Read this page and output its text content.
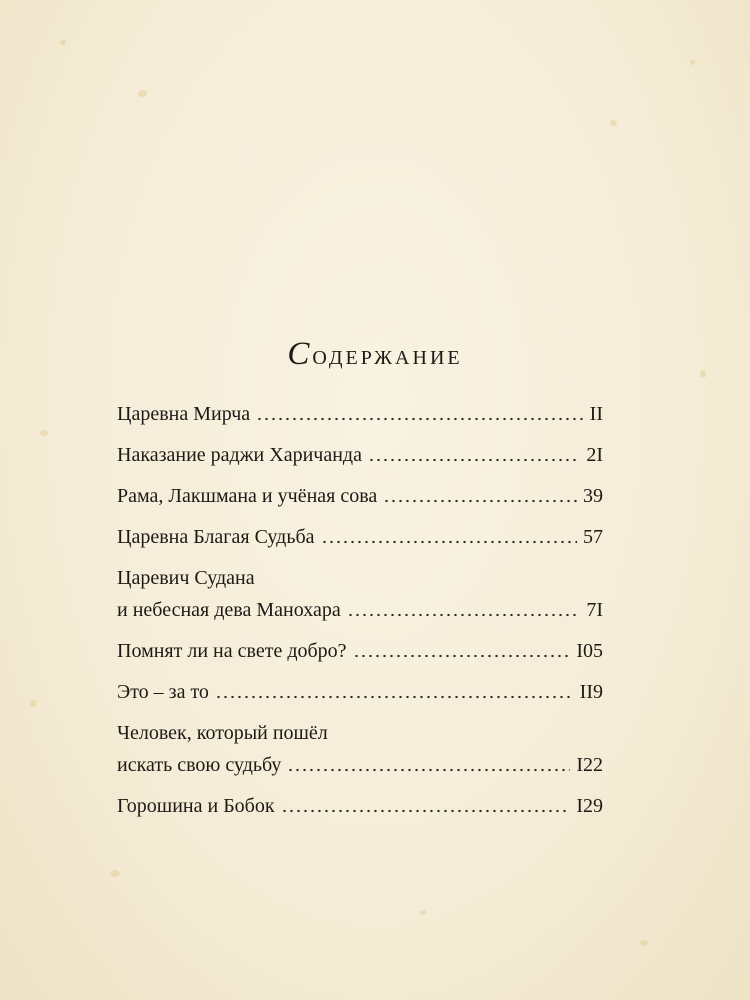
Содержание
Царевна Мирча	II
Наказание раджи Харичанда	2I
Рама, Лакшмана и учёная сова	39
Царевна Благая Судьба	57
Царевич Судана
и небесная дева Манохара	7I
Помнят ли на свете добро?	I05
Это – за то	II9
Человек, который пошёл
искать свою судьбу	I22
Горошина и Бобок	I29
